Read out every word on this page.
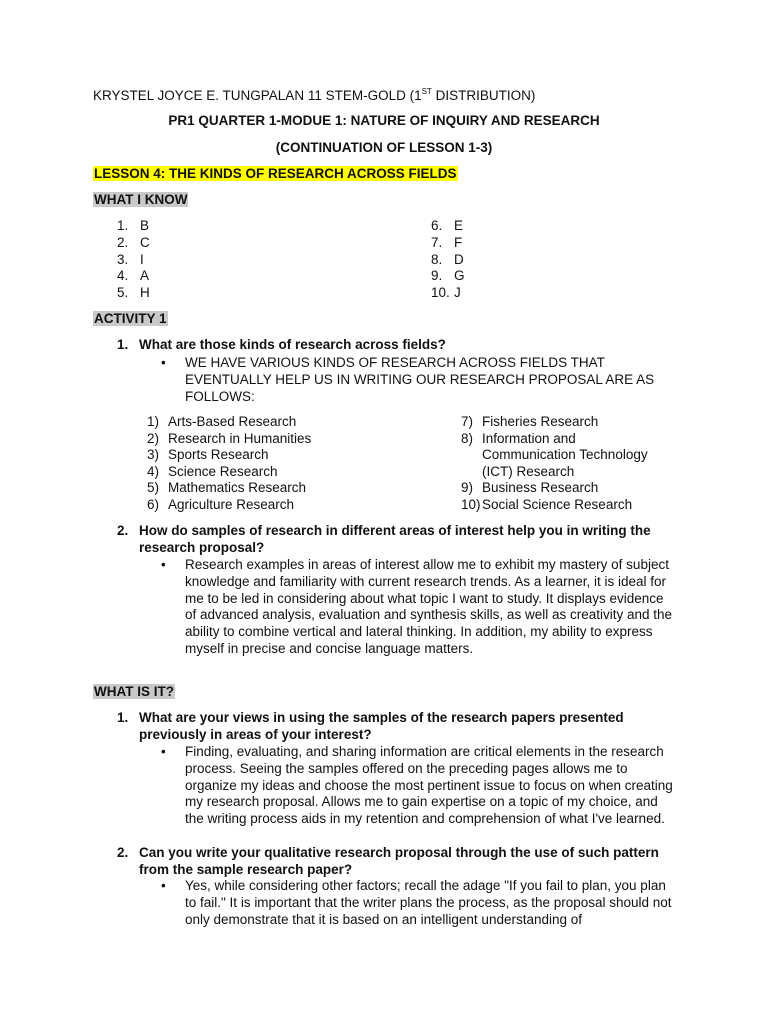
KRYSTEL JOYCE E. TUNGPALAN 11 STEM-GOLD (1ST DISTRIBUTION)
PR1 QUARTER 1-MODUE 1: NATURE OF INQUIRY AND RESEARCH
(CONTINUATION OF LESSON 1-3)
LESSON 4: THE KINDS OF RESEARCH ACROSS FIELDS
WHAT I KNOW
1. B
2. C
3. I
4. A
5. H
6. E
7. F
8. D
9. G
10. J
ACTIVITY 1
1. What are those kinds of research across fields?
•	WE HAVE VARIOUS KINDS OF RESEARCH ACROSS FIELDS THAT EVENTUALLY HELP US IN WRITING OUR RESEARCH PROPOSAL ARE AS FOLLOWS:
1) Arts-Based Research
2) Research in Humanities
3) Sports Research
4) Science Research
5) Mathematics Research
6) Agriculture Research
7) Fisheries Research
8) Information and Communication Technology (ICT) Research
9) Business Research
10) Social Science Research
2. How do samples of research in different areas of interest help you in writing the research proposal?
•	Research examples in areas of interest allow me to exhibit my mastery of subject knowledge and familiarity with current research trends. As a learner, it is ideal for me to be led in considering about what topic I want to study. It displays evidence of advanced analysis, evaluation and synthesis skills, as well as creativity and the ability to combine vertical and lateral thinking. In addition, my ability to express myself in precise and concise language matters.
WHAT IS IT?
1. What are your views in using the samples of the research papers presented previously in areas of your interest?
•	Finding, evaluating, and sharing information are critical elements in the research process. Seeing the samples offered on the preceding pages allows me to organize my ideas and choose the most pertinent issue to focus on when creating my research proposal. Allows me to gain expertise on a topic of my choice, and the writing process aids in my retention and comprehension of what I've learned.
2. Can you write your qualitative research proposal through the use of such pattern from the sample research paper?
•	Yes, while considering other factors; recall the adage "If you fail to plan, you plan to fail." It is important that the writer plans the process, as the proposal should not only demonstrate that it is based on an intelligent understanding of
